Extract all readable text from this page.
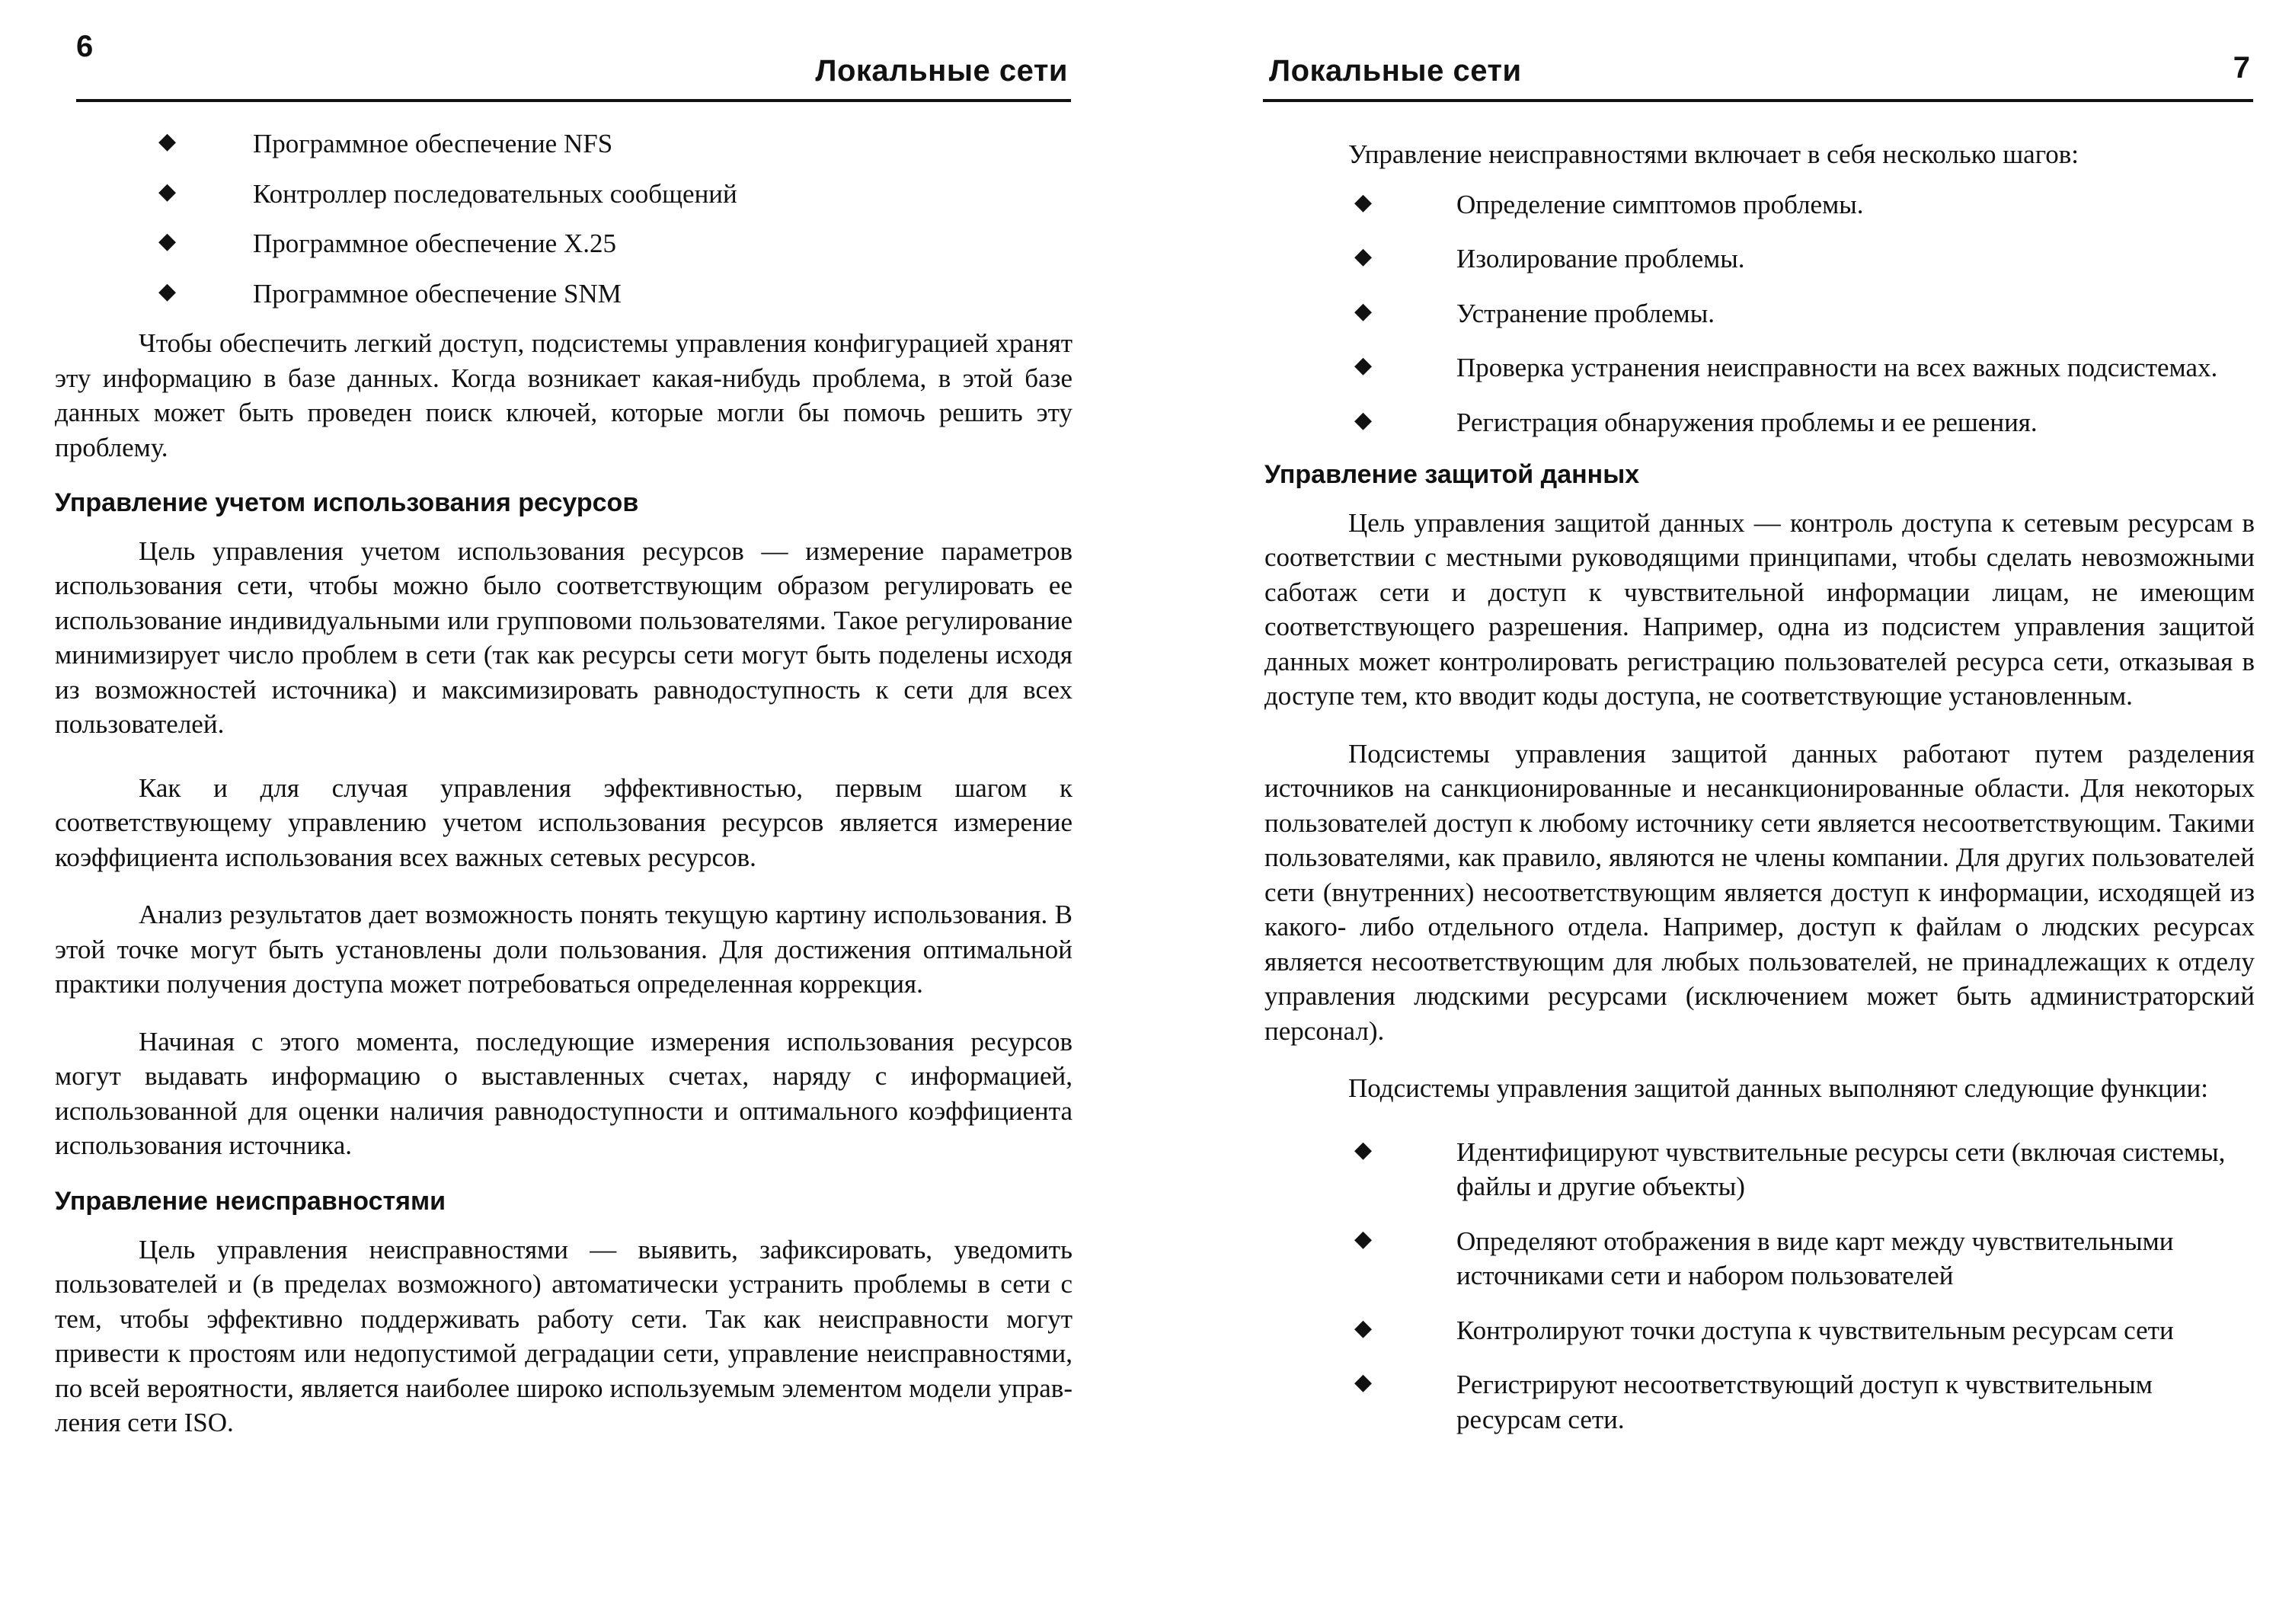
6
Локальные сети
◆	Программное обеспечение NFS
◆	Контроллер последовательных сообщений
◆	Программное обеспечение X.25
◆	Программное обеспечение SNM

Чтобы обеспечить легкий доступ, подсистемы управления конфигурацией хранят эту информацию в базе данных. Когда возникает какая-нибудь проблема, в этой базе данных может быть проведен поиск ключей, которые могли бы помочь решить эту проблему.

Управление учетом использования ресурсов

Цель управления учетом использования ресурсов — измерение параметров использования сети, чтобы можно было соответствующим образом регулировать ее использование индивидуальными или групповоми пользователями. Такое регулирование минимизирует число проблем в сети (так как ресурсы сети могут быть поделены исходя из возможностей источника) и максимизировать равнодоступность к сети для всех пользователей.

Как и для случая управления эффективностью, первым шагом к соответствующему управлению учетом использования ресурсов является измерение коэффициента использования всех важных сетевых ресурсов.

Анализ результатов дает возможность понять текущую картину использования. В этой точке могут быть установлены доли пользования. Для достижения оптимальной практики получения доступа может потребоваться определенная коррекция.

Начиная с этого момента, последующие измерения использования ресурсов могут выдавать информацию о выставленных счетах, наряду с информацией, использованной для оценки наличия равнодоступности и оптимального коэффициента использования источника.

Управление неисправностями

Цель управления неисправностями — выявить, зафиксировать, уведомить пользователей и (в пределах возможного) автоматически устранить проблемы в сети с тем, чтобы эффективно поддерживать работу сети. Так как неисправности могут привести к простоям или недопустимой деградации сети, управление неисправностями, по всей вероятности, является наиболее широко используемым элементом модели управления сети ISO.

Локальные сети	7

Управление неисправностями включает в себя несколько шагов:

◆	Определение симптомов проблемы.
◆	Изолирование проблемы.
◆	Устранение проблемы.
◆	Проверка устранения неисправности на всех важных подсистемах.
◆	Регистрация обнаружения проблемы и ее решения.
Управление защитой данных

Цель управления защитой данных — контроль доступа к сетевым ресурсам в соответствии с местными руководящими принципами, чтобы сделать невозможными саботаж сети и доступ к чувствительной информации лицам, не имеющим соответствующего разрешения. Например, одна из подсистем управления защитой данных может контролировать регистрацию пользователей ресурса сети, отказывая в доступе тем, кто вводит коды доступа, не соответствующие установленным.

Подсистемы управления защитой данных работают путем разделения источников на санкционированные и несанкционированные области. Для некоторых пользователей доступ к любому источнику сети является несоответствующим. Такими пользователями, как правило, являются не члены компании. Для других пользователей сети (внутренних) несоответствующим является доступ к информации, исходящей из какого- либо отдельного отдела. Например, доступ к файлам о людских ресурсах является несоответствующим для любых пользователей, не принадлежащих к отделу управления людскими ресурсами (исключением может быть администраторский персонал).

Подсистемы управления защитой данных выполняют следующие функции:

◆	Идентифицируют чувствительные ресурсы сети (включая системы, файлы и другие объекты)
◆	Определяют отображения в виде карт между чувствительными источниками сети и набором пользователей
◆	Контролируют точки доступа к чувствительным ресурсам сети
◆	Регистрируют несоответствующий доступ к чувствительным ресурсам сети.
